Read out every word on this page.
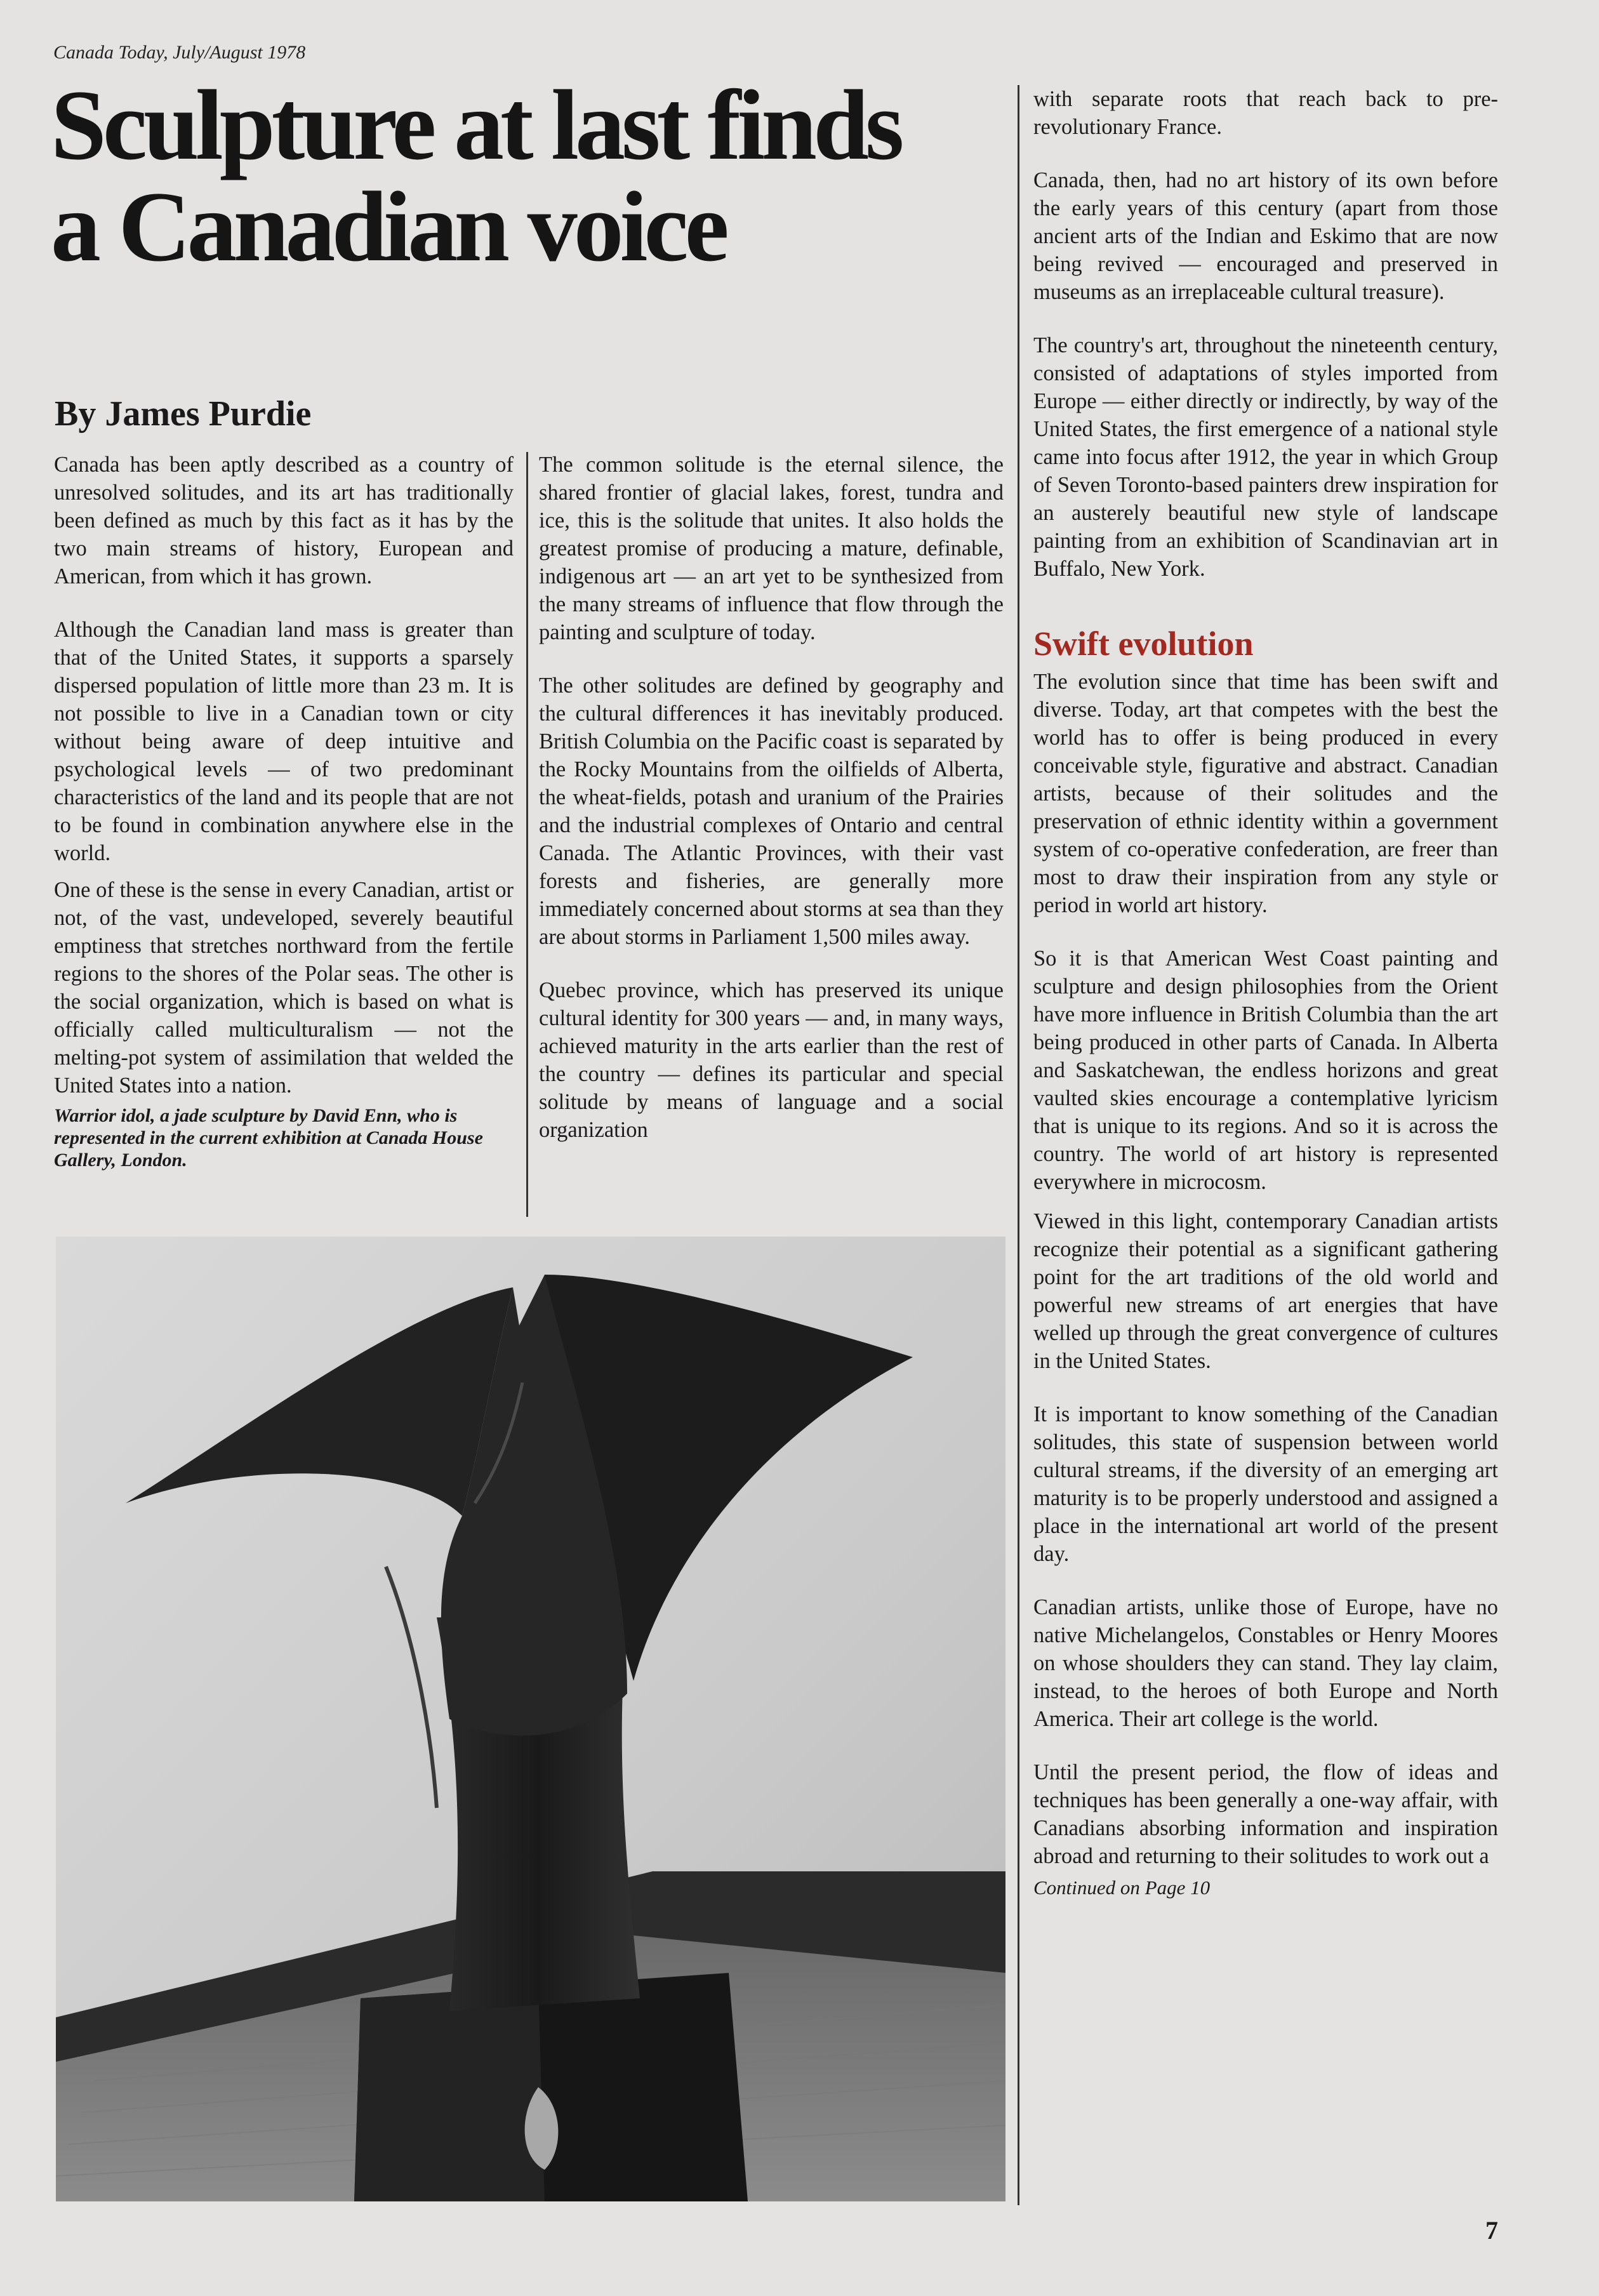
Canada Today, July/August 1978
Sculpture at last finds
a Canadian voice
By James Purdie

Canada has been aptly described as a country of unresolved solitudes, and its art has traditionally been defined as much by this fact as it has by the two main streams of history, European and American, from which it has grown.

Although the Canadian land mass is greater than that of the United States, it supports a sparsely dispersed population of little more than 23 m. It is not possible to live in a Canadian town or city without being aware of deep intuitive and psychological levels — of two predominant characteristics of the land and its people that are not to be found in combination anywhere else in the world.

One of these is the sense in every Canadian, artist or not, of the vast, undeveloped, severely beautiful emptiness that stretches northward from the fertile regions to the shores of the Polar seas. The other is the social organization, which is based on what is officially called multiculturalism — not the melting-pot system of assimilation that welded the United States into a nation.

Warrior idol, a jade sculpture by David Enn, who is represented in the current exhibition at Canada House Gallery, London.

The common solitude is the eternal silence, the shared frontier of glacial lakes, forest, tundra and ice, this is the solitude that unites. It also holds the greatest promise of producing a mature, definable, indigenous art — an art yet to be synthesized from the many streams of influence that flow through the painting and sculpture of today.

The other solitudes are defined by geography and the cultural differences it has inevitably produced. British Columbia on the Pacific coast is separated by the Rocky Mountains from the oilfields of Alberta, the wheat-fields, potash and uranium of the Prairies and the industrial complexes of Ontario and central Canada. The Atlantic Provinces, with their vast forests and fisheries, are generally more immediately concerned about storms at sea than they are about storms in Parliament 1,500 miles away.

Quebec province, which has preserved its unique cultural identity for 300 years — and, in many ways, achieved maturity in the arts earlier than the rest of the country — defines its particular and special solitude by means of language and a social organization

with separate roots that reach back to pre-revolutionary France.

Canada, then, had no art history of its own before the early years of this century (apart from those ancient arts of the Indian and Eskimo that are now being revived — encouraged and preserved in museums as an irreplaceable cultural treasure).

The country's art, throughout the nineteenth century, consisted of adaptations of styles imported from Europe — either directly or indirectly, by way of the United States, the first emergence of a national style came into focus after 1912, the year in which Group of Seven Toronto-based painters drew inspiration for an austerely beautiful new style of landscape painting from an exhibition of Scandinavian art in Buffalo, New York.

Swift evolution

The evolution since that time has been swift and diverse. Today, art that competes with the best the world has to offer is being produced in every conceivable style, figurative and abstract. Canadian artists, because of their solitudes and the preservation of ethnic identity within a government system of co-operative confederation, are freer than most to draw their inspiration from any style or period in world art history.

So it is that American West Coast painting and sculpture and design philosophies from the Orient have more influence in British Columbia than the art being produced in other parts of Canada. In Alberta and Saskatchewan, the endless horizons and great vaulted skies encourage a contemplative lyricism that is unique to its regions. And so it is across the country. The world of art history is represented everywhere in microcosm.

Viewed in this light, contemporary Canadian artists recognize their potential as a significant gathering point for the art traditions of the old world and powerful new streams of art energies that have welled up through the great convergence of cultures in the United States.

It is important to know something of the Canadian solitudes, this state of suspension between world cultural streams, if the diversity of an emerging art maturity is to be properly understood and assigned a place in the international art world of the present day.

Canadian artists, unlike those of Europe, have no native Michelangelos, Constables or Henry Moores on whose shoulders they can stand. They lay claim, instead, to the heroes of both Europe and North America. Their art college is the world.

Until the present period, the flow of ideas and techniques has been generally a one-way affair, with Canadians absorbing information and inspiration abroad and returning to their solitudes to work out a

Continued on Page 10

7
